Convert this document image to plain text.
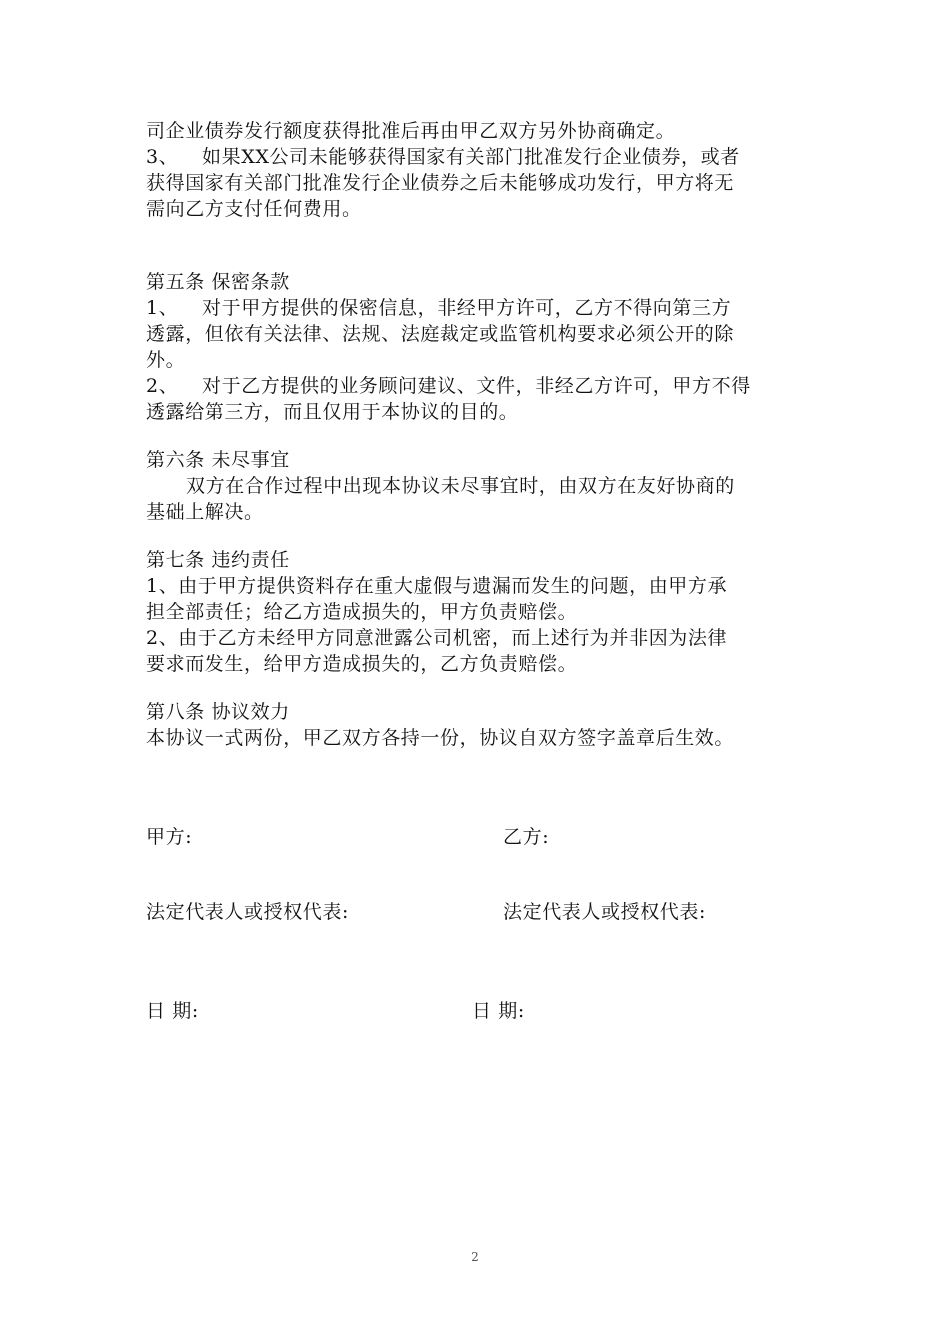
司企业债券发行额度获得批准后再由甲乙双方另外协商确定。
3、 如果XX公司未能够获得国家有关部门批准发行企业债券，或者
获得国家有关部门批准发行企业债券之后未能够成功发行，甲方将无
需向乙方支付任何费用。
第五条 保密条款
1、 对于甲方提供的保密信息，非经甲方许可，乙方不得向第三方
透露，但依有关法律、法规、法庭裁定或监管机构要求必须公开的除
外。
2、 对于乙方提供的业务顾问建议、文件，非经乙方许可，甲方不得
透露给第三方，而且仅用于本协议的目的。
第六条 未尽事宜
双方在合作过程中出现本协议未尽事宜时，由双方在友好协商的
基础上解决。
第七条 违约责任
1、由于甲方提供资料存在重大虚假与遗漏而发生的问题，由甲方承
担全部责任；给乙方造成损失的，甲方负责赔偿。
2、由于乙方未经甲方同意泄露公司机密，而上述行为并非因为法律
要求而发生，给甲方造成损失的，乙方负责赔偿。
第八条 协议效力
本协议一式两份，甲乙双方各持一份，协议自双方签字盖章后生效。
甲方:	乙方:
法定代表人或授权代表:	法定代表人或授权代表:
日 期:	日 期:
2
